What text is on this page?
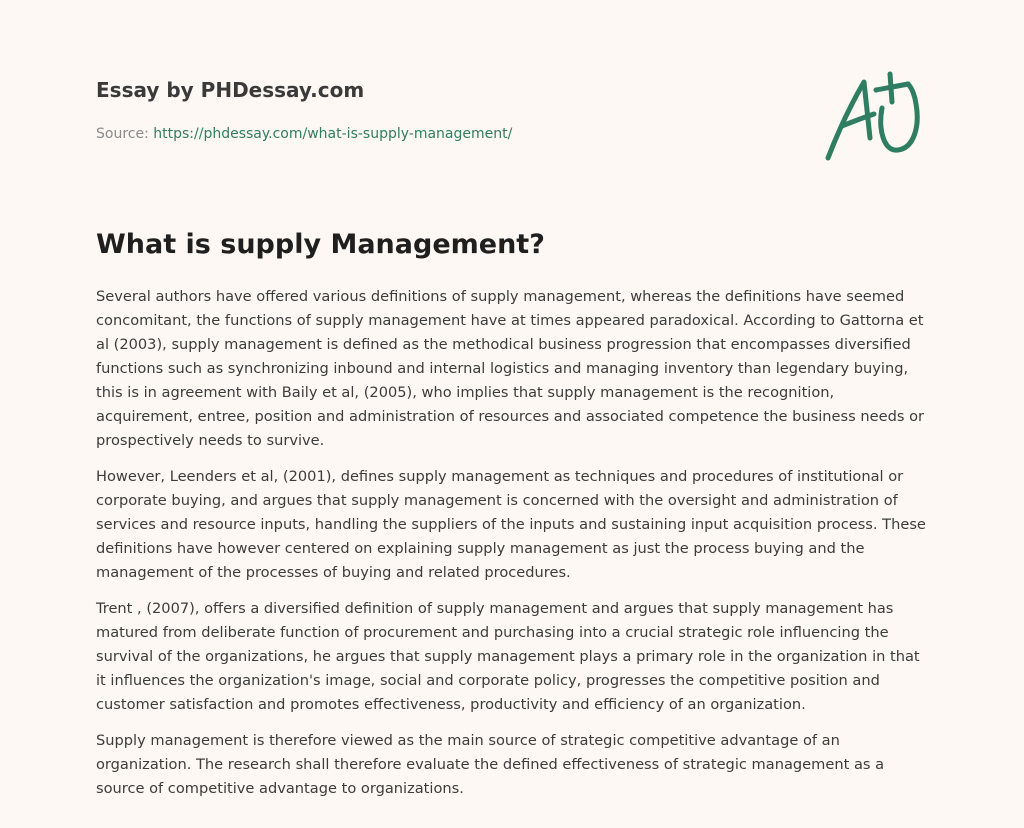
Essay by PHDessay.com
Source: https://phdessay.com/what-is-supply-management/
What is supply Management?

Several authors have offered various definitions of supply management, whereas the definitions have seemed concomitant, the functions of supply management have at times appeared paradoxical. According to Gattorna et al (2003), supply management is defined as the methodical business progression that encompasses diversified functions such as synchronizing inbound and internal logistics and managing inventory than legendary buying, this is in agreement with Baily et al, (2005), who implies that supply management is the recognition, acquirement, entree, position and administration of resources and associated competence the business needs or prospectively needs to survive.

However, Leenders et al, (2001), defines supply management as techniques and procedures of institutional or corporate buying, and argues that supply management is concerned with the oversight and administration of services and resource inputs, handling the suppliers of the inputs and sustaining input acquisition process. These definitions have however centered on explaining supply management as just the process buying and the management of the processes of buying and related procedures.

Trent , (2007), offers a diversified definition of supply management and argues that supply management has matured from deliberate function of procurement and purchasing into a crucial strategic role influencing the survival of the organizations, he argues that supply management plays a primary role in the organization in that it influences the organization's image, social and corporate policy, progresses the competitive position and customer satisfaction and promotes effectiveness, productivity and efficiency of an organization.

Supply management is therefore viewed as the main source of strategic competitive advantage of an organization. The research shall therefore evaluate the defined effectiveness of strategic management as a source of competitive advantage to organizations.
